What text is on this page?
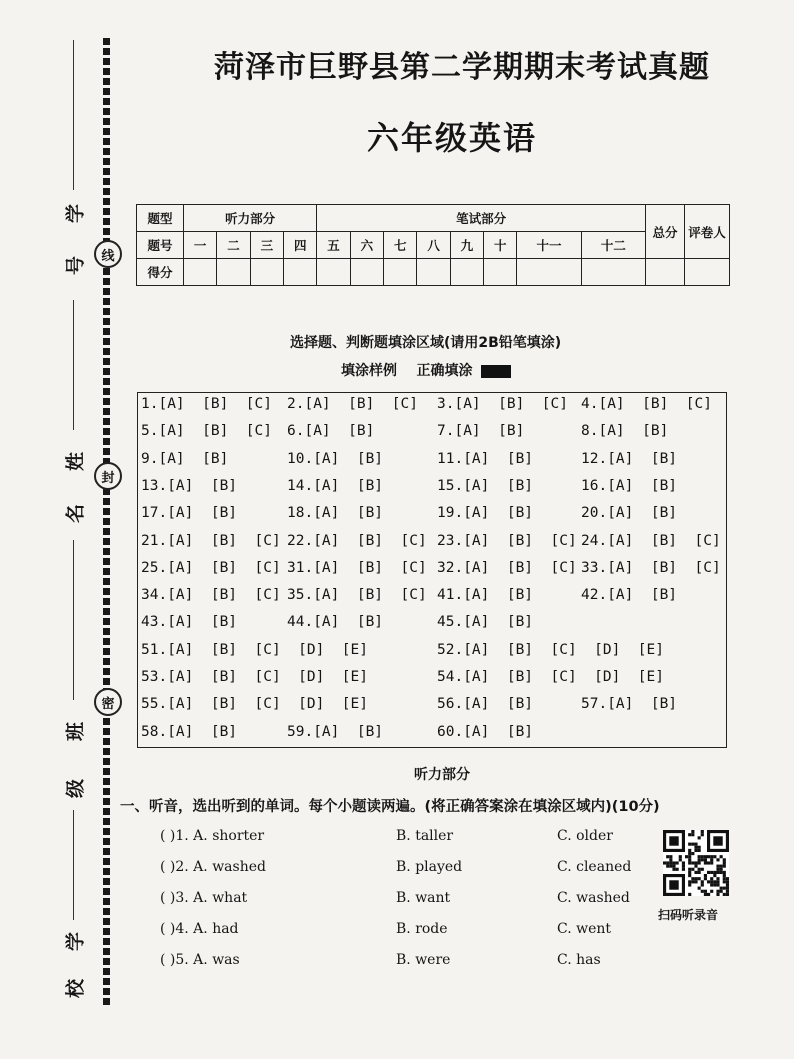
学
号
姓
名
班
级
学
校
线
封
密
菏泽市巨野县第二学期期末考试真题
六年级英语
题型	听力部分				笔试部分								总分	评卷人
题号	一	二	三	四	五	六	七	八	九	十	十一	十二		
得分														
选择题、判断题填涂区域(请用2B铅笔填涂)
填涂样例 正确填涂
1.[A]  [B]  [C] 2.[A]  [B]  [C] 3.[A]  [B]  [C] 4.[A]  [B]  [C]
5.[A]  [B]  [C] 6.[A]  [B]	7.[A]  [B]	8.[A]  [B]
9.[A]  [B]	10.[A]  [B]	11.[A]  [B]	12.[A]  [B]
13.[A]  [B]	14.[A]  [B]	15.[A]  [B]	16.[A]  [B]
17.[A]  [B]	18.[A]  [B]	19.[A]  [B]	20.[A]  [B]
21.[A]  [B]  [C] 22.[A]  [B]  [C] 23.[A]  [B]  [C] 24.[A]  [B]  [C]
25.[A]  [B]  [C] 31.[A]  [B]  [C] 32.[A]  [B]  [C] 33.[A]  [B]  [C]
34.[A]  [B]  [C] 35.[A]  [B]  [C] 41.[A]  [B]	42.[A]  [B]
43.[A]  [B]	44.[A]  [B]	45.[A]  [B]
51.[A]  [B]  [C]  [D]  [E]	52.[A]  [B]  [C]  [D]  [E]
53.[A]  [B]  [C]  [D]  [E]	54.[A]  [B]  [C]  [D]  [E]
55.[A]  [B]  [C]  [D]  [E]	56.[A]  [B]	57.[A]  [B]
58.[A]  [B]	59.[A]  [B]	60.[A]  [B]
听力部分
一、听音，选出听到的单词。每个小题读两遍。(将正确答案涂在填涂区域内)(10分)
( )1. A. shorter	B. taller	C. older
( )2. A. washed	B. played	C. cleaned
( )3. A. what	B. want	C. washed
( )4. A. had	B. rode	C. went
( )5. A. was	B. were	C. has
扫码听录音
